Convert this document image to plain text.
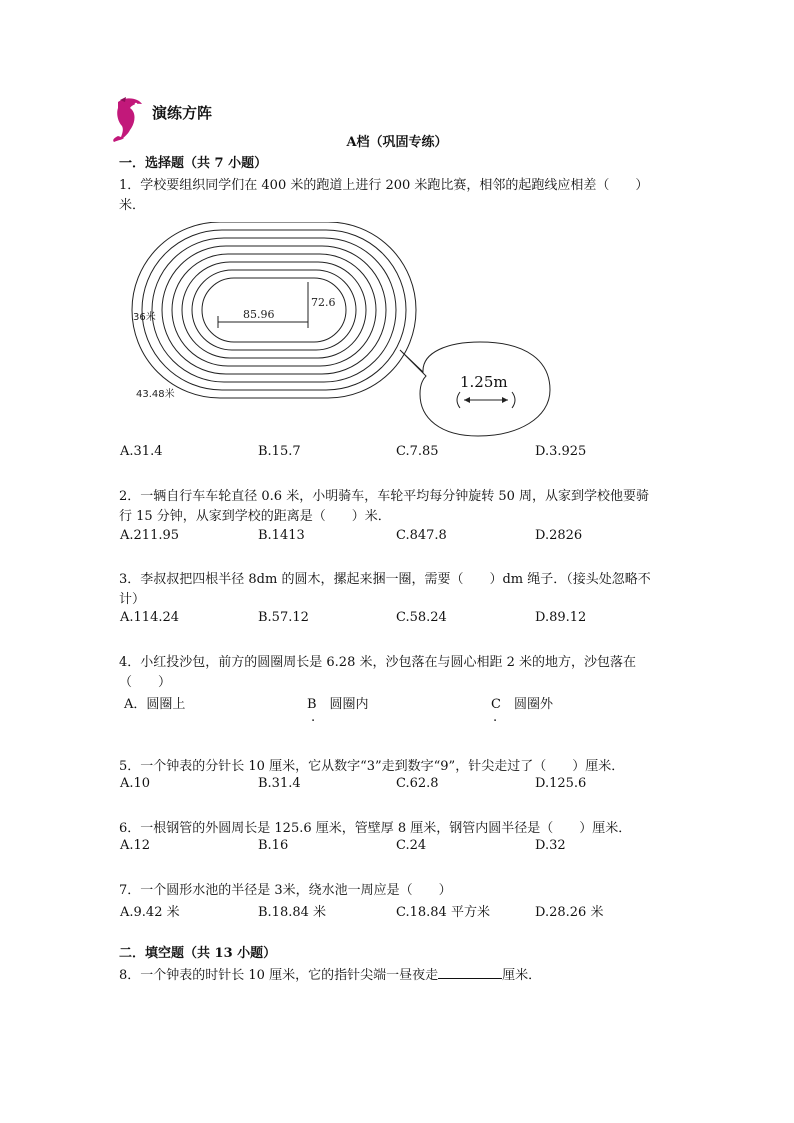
演练方阵
A档（巩固专练）
一．选择题（共 7 小题）
1．学校要组织同学们在 400 米的跑道上进行 200 米跑比赛，相邻的起跑线应相差（　　）
米．
85.96
72.6
36米
43.48米
1.25m
A.31.4	B.15.7	C.7.85	D.3.925
2．一辆自行车车轮直径 0.6 米，小明骑车，车轮平均每分钟旋转 50 周，从家到学校他要骑
行 15 分钟，从家到学校的距离是（　　）米．
A.211.95	B.1413	C.847.8	D.2826
3．李叔叔把四根半径 8dm 的圆木，摞起来捆一圈，需要（　　）dm 绳子．（接头处忽略不
计）
A.114.24	B.57.12	C.58.24	D.89.12
4．小红投沙包，前方的圆圈周长是 6.28 米，沙包落在与圆心相距 2 米的地方，沙包落在
（　　）
A．圆圈上	B　圆圈内	C　圆圈外
.	.
5．一个钟表的分针长 10 厘米，它从数字“3”走到数字“9”，针尖走过了（　　）厘米．
A.10	B.31.4	C.62.8	D.125.6
6．一根钢管的外圆周长是 125.6 厘米，管壁厚 8 厘米，钢管内圆半径是（　　）厘米．
A.12	B.16	C.24	D.32
7．一个圆形水池的半径是 3米，绕水池一周应是（　　）
A.9.42 米	B.18.84 米	C.18.84 平方米	D.28.26 米
二．填空题（共 13 小题）
8．一个钟表的时针长 10 厘米，它的指针尖端一昼夜走	厘米．
